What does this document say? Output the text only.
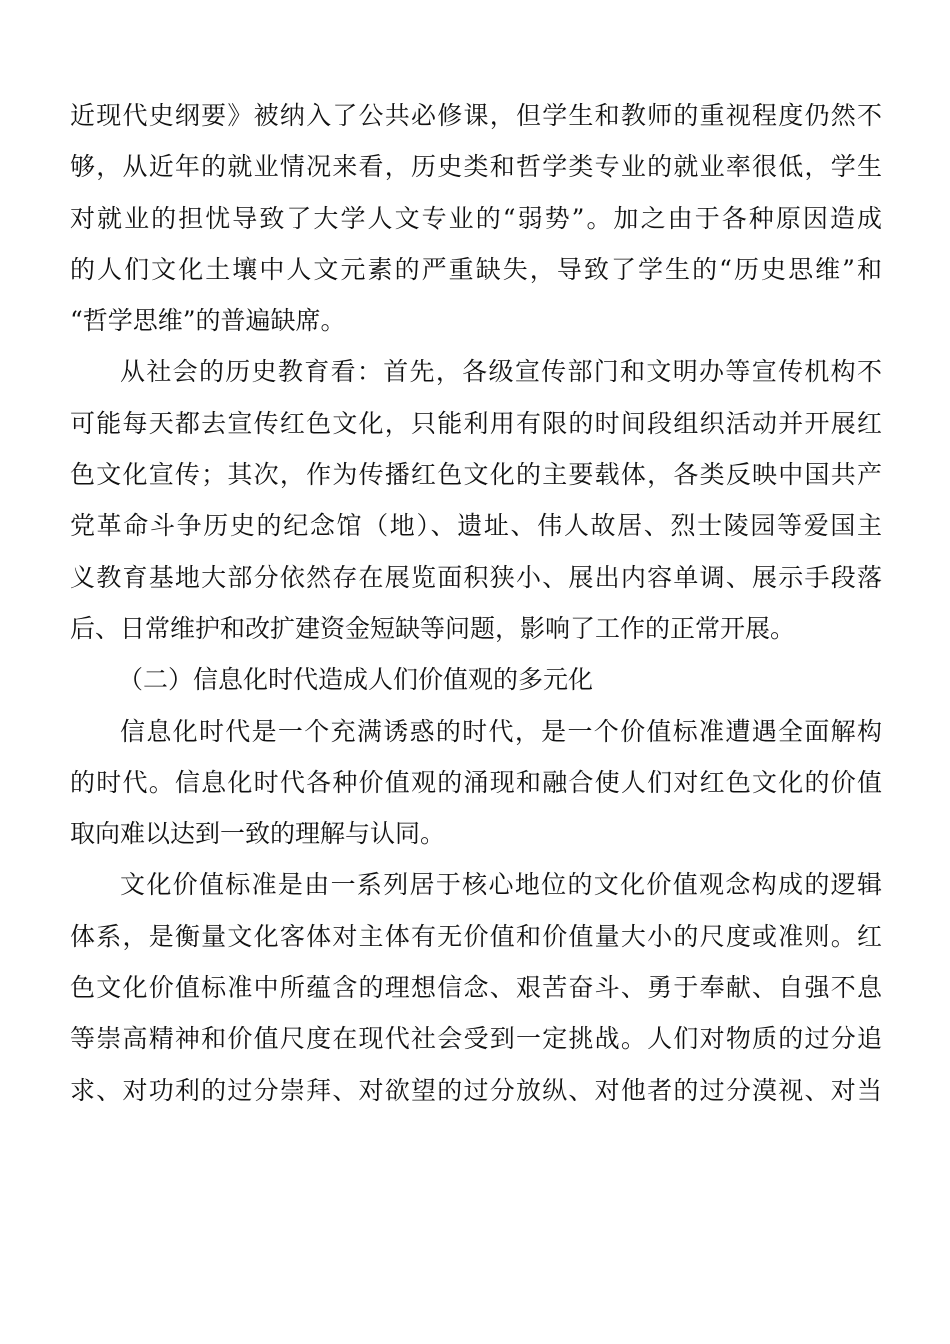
近现代史纲要》被纳入了公共必修课，但学生和教师的重视程度仍然不
够，从近年的就业情况来看，历史类和哲学类专业的就业率很低，学生
对就业的担忧导致了大学人文专业的“弱势”。加之由于各种原因造成
的人们文化土壤中人文元素的严重缺失，导致了学生的“历史思维”和
“哲学思维”的普遍缺席。
从社会的历史教育看：首先，各级宣传部门和文明办等宣传机构不
可能每天都去宣传红色文化，只能利用有限的时间段组织活动并开展红
色文化宣传；其次，作为传播红色文化的主要载体，各类反映中国共产
党革命斗争历史的纪念馆（地）、遗址、伟人故居、烈士陵园等爱国主
义教育基地大部分依然存在展览面积狭小、展出内容单调、展示手段落
后、日常维护和改扩建资金短缺等问题，影响了工作的正常开展。
（二）信息化时代造成人们价值观的多元化
信息化时代是一个充满诱惑的时代，是一个价值标准遭遇全面解构
的时代。信息化时代各种价值观的涌现和融合使人们对红色文化的价值
取向难以达到一致的理解与认同。
文化价值标准是由一系列居于核心地位的文化价值观念构成的逻辑
体系，是衡量文化客体对主体有无价值和价值量大小的尺度或准则。红
色文化价值标准中所蕴含的理想信念、艰苦奋斗、勇于奉献、自强不息
等崇高精神和价值尺度在现代社会受到一定挑战。人们对物质的过分追
求、对功利的过分崇拜、对欲望的过分放纵、对他者的过分漠视、对当
